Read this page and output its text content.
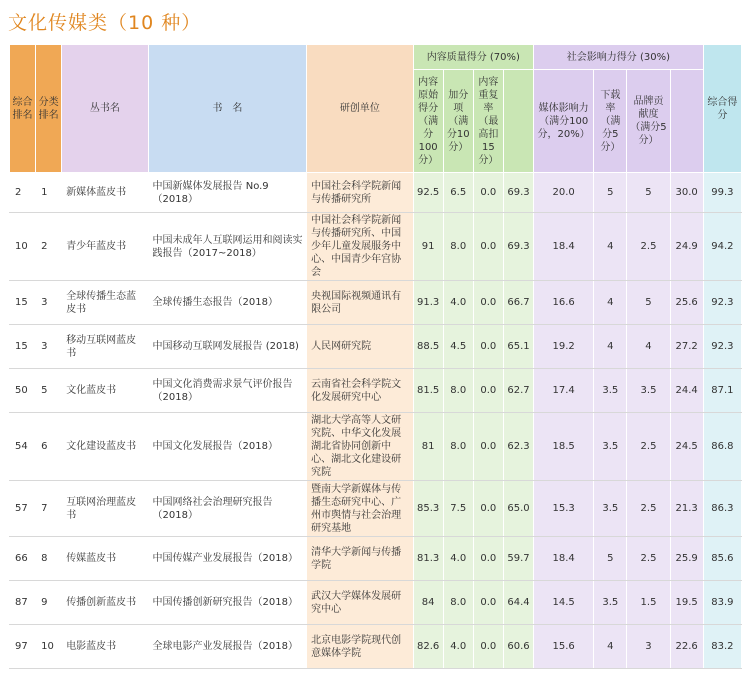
文化传媒类（10 种）
综合排名	分类排名	丛书名	书　名	研创单位	内容质量得分 (70%)				社会影响力得分 (30%)				综合得分

					内容原始得分（满分100分）	加分项（满分10分）	内容重复率（最高扣15分）		媒体影响力（满分100分，20%）	下载率（满分5分）	品牌贡献度（满分5分）		
2	1	新媒体蓝皮书	中国新媒体发展报告 No.9（2018）	中国社会科学院新闻与传播研究所	92.5	6.5	0.0	69.3	20.0	5	5	30.0	99.3
10	2	青少年蓝皮书	中国未成年人互联网运用和阅读实践报告（2017~2018）	中国社会科学院新闻与传播研究所、中国少年儿童发展服务中心、中国青少年宫协会	91	8.0	0.0	69.3	18.4	4	2.5	24.9	94.2
15	3	全球传播生态蓝皮书	全球传播生态报告（2018）	央视国际视频通讯有限公司	91.3	4.0	0.0	66.7	16.6	4	5	25.6	92.3
15	3	移动互联网蓝皮书	中国移动互联网发展报告 (2018)	人民网研究院	88.5	4.5	0.0	65.1	19.2	4	4	27.2	92.3
50	5	文化蓝皮书	中国文化消费需求景气评价报告（2018）	云南省社会科学院文化发展研究中心	81.5	8.0	0.0	62.7	17.4	3.5	3.5	24.4	87.1
54	6	文化建设蓝皮书	中国文化发展报告（2018）	湖北大学高等人文研究院、中华文化发展湖北省协同创新中心、湖北文化建设研究院	81	8.0	0.0	62.3	18.5	3.5	2.5	24.5	86.8
57	7	互联网治理蓝皮书	中国网络社会治理研究报告（2018）	暨南大学新媒体与传播生态研究中心、广州市舆情与社会治理研究基地	85.3	7.5	0.0	65.0	15.3	3.5	2.5	21.3	86.3
66	8	传媒蓝皮书	中国传媒产业发展报告（2018）	清华大学新闻与传播学院	81.3	4.0	0.0	59.7	18.4	5	2.5	25.9	85.6
87	9	传播创新蓝皮书	中国传播创新研究报告（2018）	武汉大学媒体发展研究中心	84	8.0	0.0	64.4	14.5	3.5	1.5	19.5	83.9
97	10	电影蓝皮书	全球电影产业发展报告（2018）	北京电影学院现代创意媒体学院	82.6	4.0	0.0	60.6	15.6	4	3	22.6	83.2
